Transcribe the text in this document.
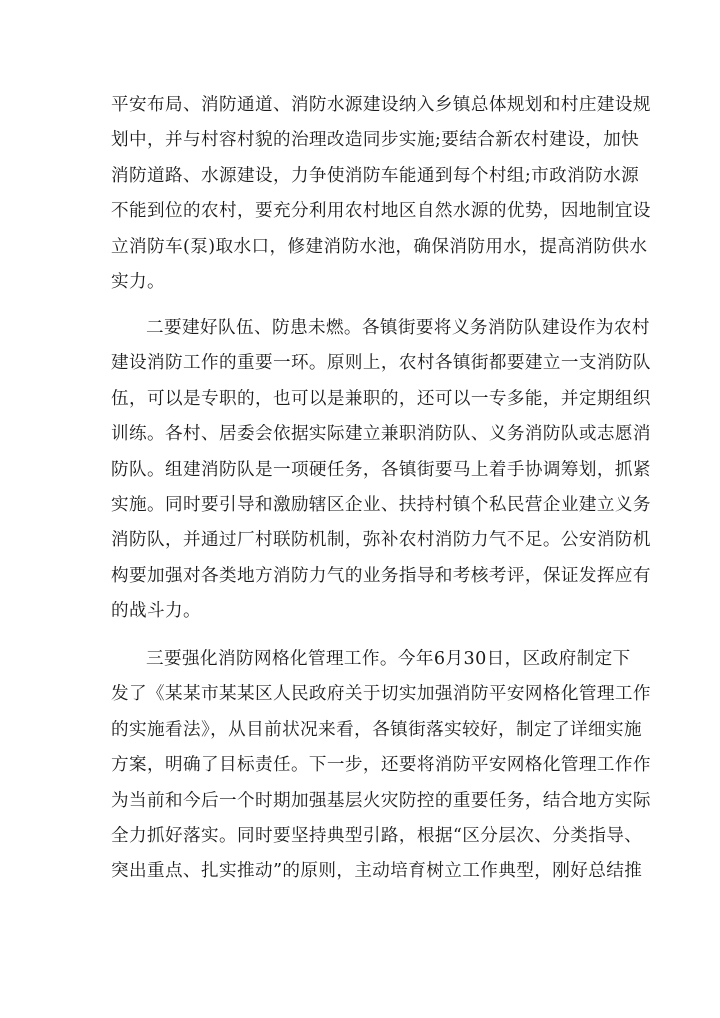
平安布局、消防通道、消防水源建设纳入乡镇总体规划和村庄建设规
划中，并与村容村貌的治理改造同步实施;要结合新农村建设，加快
消防道路、水源建设，力争使消防车能通到每个村组;市政消防水源
不能到位的农村，要充分利用农村地区自然水源的优势，因地制宜设
立消防车(泵)取水口，修建消防水池，确保消防用水，提高消防供水
实力。
二要建好队伍、防患未燃。各镇街要将义务消防队建设作为农村
建设消防工作的重要一环。原则上，农村各镇街都要建立一支消防队
伍，可以是专职的，也可以是兼职的，还可以一专多能，并定期组织
训练。各村、居委会依据实际建立兼职消防队、义务消防队或志愿消
防队。组建消防队是一项硬任务，各镇街要马上着手协调筹划，抓紧
实施。同时要引导和激励辖区企业、扶持村镇个私民营企业建立义务
消防队，并通过厂村联防机制，弥补农村消防力气不足。公安消防机
构要加强对各类地方消防力气的业务指导和考核考评，保证发挥应有
的战斗力。
三要强化消防网格化管理工作。今年6月30日，区政府制定下
发了《某某市某某区人民政府关于切实加强消防平安网格化管理工作
的实施看法》，从目前状况来看，各镇街落实较好，制定了详细实施
方案，明确了目标责任。下一步，还要将消防平安网格化管理工作作
为当前和今后一个时期加强基层火灾防控的重要任务，结合地方实际
全力抓好落实。同时要坚持典型引路，根据“区分层次、分类指导、
突出重点、扎实推动”的原则，主动培育树立工作典型，刚好总结推
